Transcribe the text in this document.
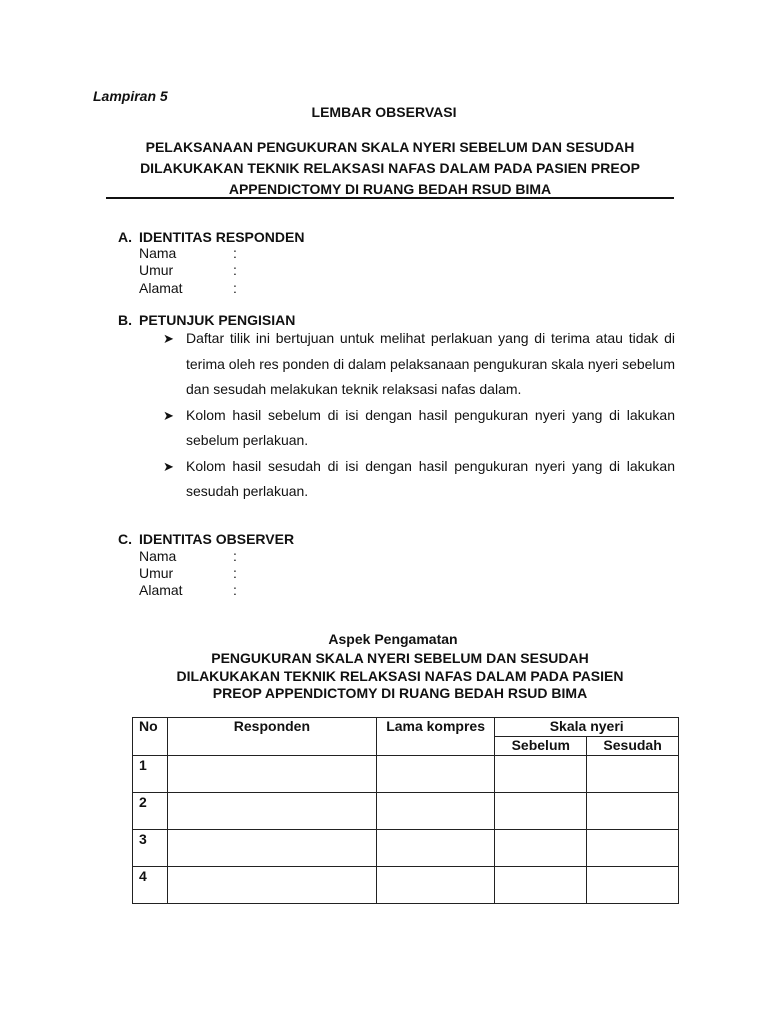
Lampiran 5
LEMBAR OBSERVASI
PELAKSANAAN PENGUKURAN SKALA NYERI SEBELUM DAN SESUDAH
DILAKUKAKAN TEKNIK RELAKSASI NAFAS DALAM PADA PASIEN PREOP
APPENDICTOMY DI RUANG BEDAH RSUD BIMA
A. IDENTITAS RESPONDEN
Nama	:
Umur	:
Alamat	:
B. PETUNJUK PENGISIAN
➤ Daftar tilik ini bertujuan untuk melihat perlakuan yang di terima atau tidak di terima oleh res ponden di dalam pelaksanaan pengukuran skala nyeri sebelum dan sesudah melakukan teknik relaksasi nafas dalam.

➤ Kolom hasil sebelum di isi dengan hasil pengukuran nyeri yang di lakukan sebelum perlakuan.

➤ Kolom hasil sesudah di isi dengan hasil pengukuran nyeri yang di lakukan sesudah perlakuan.

C. IDENTITAS OBSERVER
Nama	:
Umur	:
Alamat	:
Aspek Pengamatan
PENGUKURAN SKALA NYERI SEBELUM DAN SESUDAH
DILAKUKAKAN TEKNIK RELAKSASI NAFAS DALAM PADA PASIEN
PREOP APPENDICTOMY DI RUANG BEDAH RSUD BIMA
No	Responden	Lama kompres	Skala nyeri	
			Sebelum	Sesudah
1				
2				
3				
4				
